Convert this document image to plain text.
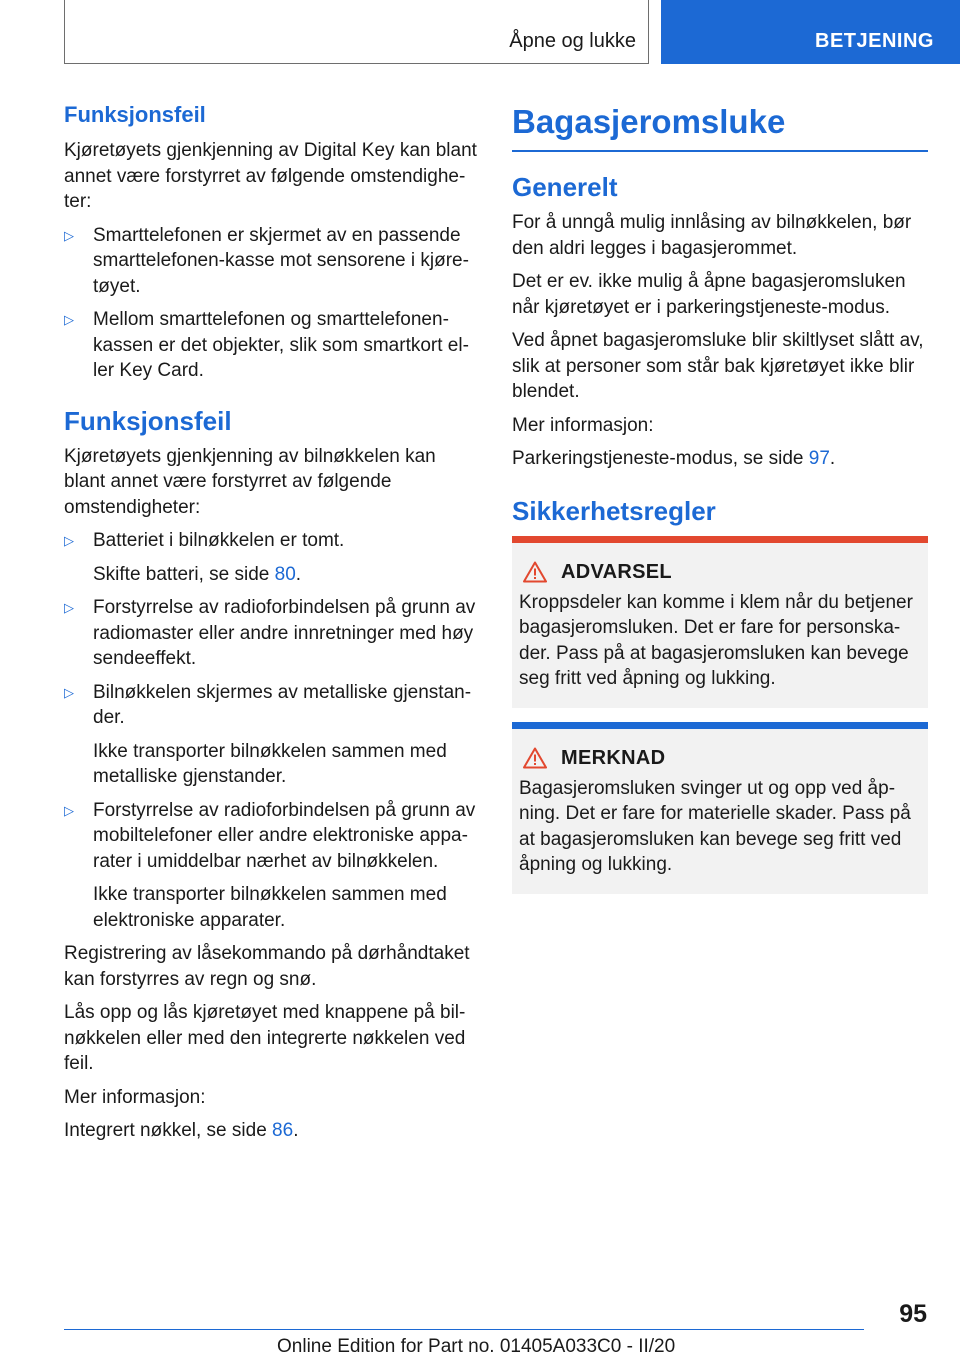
Åpne og lukke	BETJENING
Funksjonsfeil

Kjøretøyets gjenkjenning av Digital Key kan blant annet være forstyrret av følgende omstendigheter:

▷ Smarttelefonen er skjermet av en passende smarttelefonen-kasse mot sensorene i kjøretøyet.

▷ Mellom smarttelefonen og smarttelefonenkassen er det objekter, slik som smartkort eller Key Card.

Funksjonsfeil

Kjøretøyets gjenkjenning av bilnøkkelen kan blant annet være forstyrret av følgende omstendigheter:

▷ Batteriet i bilnøkkelen er tomt.

Skifte batteri, se side 80.

▷ Forstyrrelse av radioforbindelsen på grunn av radiomaster eller andre innretninger med høy sendeeffekt.

▷ Bilnøkkelen skjermes av metalliske gjenstander.

Ikke transporter bilnøkkelen sammen med metalliske gjenstander.

▷ Forstyrrelse av radioforbindelsen på grunn av mobiltelefoner eller andre elektroniske apparater i umiddelbar nærhet av bilnøkkelen.

Ikke transporter bilnøkkelen sammen med elektroniske apparater.

Registrering av låsekommando på dørhåndtaket kan forstyrres av regn og snø.

Lås opp og lås kjøretøyet med knappene på bilnøkkelen eller med den integrerte nøkkelen ved feil.

Mer informasjon:

Integrert nøkkel, se side 86.

Bagasjeromsluke
Generelt

For å unngå mulig innlåsing av bilnøkkelen, bør den aldri legges i bagasjerommet.

Det er ev. ikke mulig å åpne bagasjeromsluken når kjøretøyet er i parkeringstjeneste-modus.

Ved åpnet bagasjeromsluke blir skiltlyset slått av, slik at personer som står bak kjøretøyet ikke blir blendet.

Mer informasjon:

Parkeringstjeneste-modus, se side 97.

Sikkerhetsregler
ADVARSEL

Kroppsdeler kan komme i klem når du betjener bagasjeromsluken. Det er fare for personskader. Pass på at bagasjeromsluken kan bevege seg fritt ved åpning og lukking.

MERKNAD

Bagasjeromsluken svinger ut og opp ved åpning. Det er fare for materielle skader. Pass på at bagasjeromsluken kan bevege seg fritt ved åpning og lukking.

95
Online Edition for Part no. 01405A033C0 - II/20
